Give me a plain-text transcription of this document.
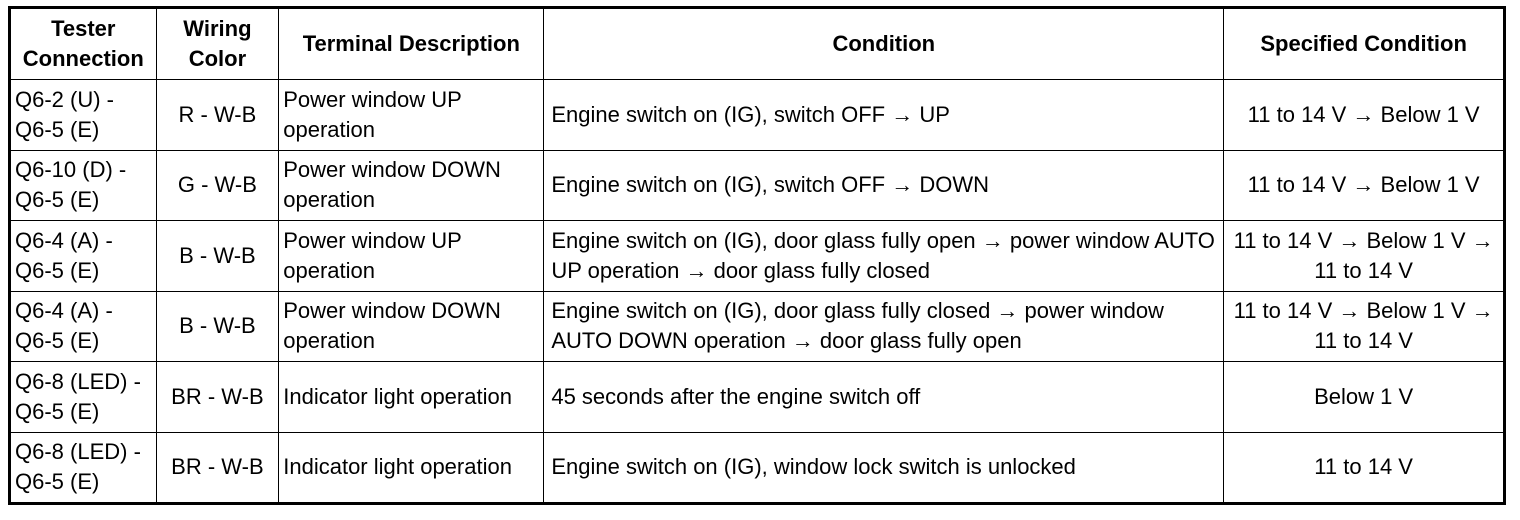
Tester Connection	Wiring Color	Terminal Description	Condition	Specified Condition
Q6-2 (U) - Q6-5 (E)	R - W-B	Power window UP operation	Engine switch on (IG), switch OFF → UP	11 to 14 V → Below 1 V
Q6-10 (D) - Q6-5 (E)	G - W-B	Power window DOWN operation	Engine switch on (IG), switch OFF → DOWN	11 to 14 V → Below 1 V
Q6-4 (A) - Q6-5 (E)	B - W-B	Power window UP operation	Engine switch on (IG), door glass fully open → power window AUTO UP operation → door glass fully closed	11 to 14 V → Below 1 V → 11 to 14 V
Q6-4 (A) - Q6-5 (E)	B - W-B	Power window DOWN operation	Engine switch on (IG), door glass fully closed → power window AUTO DOWN operation → door glass fully open	11 to 14 V → Below 1 V → 11 to 14 V
Q6-8 (LED) - Q6-5 (E)	BR - W-B	Indicator light operation	45 seconds after the engine switch off	Below 1 V
Q6-8 (LED) - Q6-5 (E)	BR - W-B	Indicator light operation	Engine switch on (IG), window lock switch is unlocked	11 to 14 V
